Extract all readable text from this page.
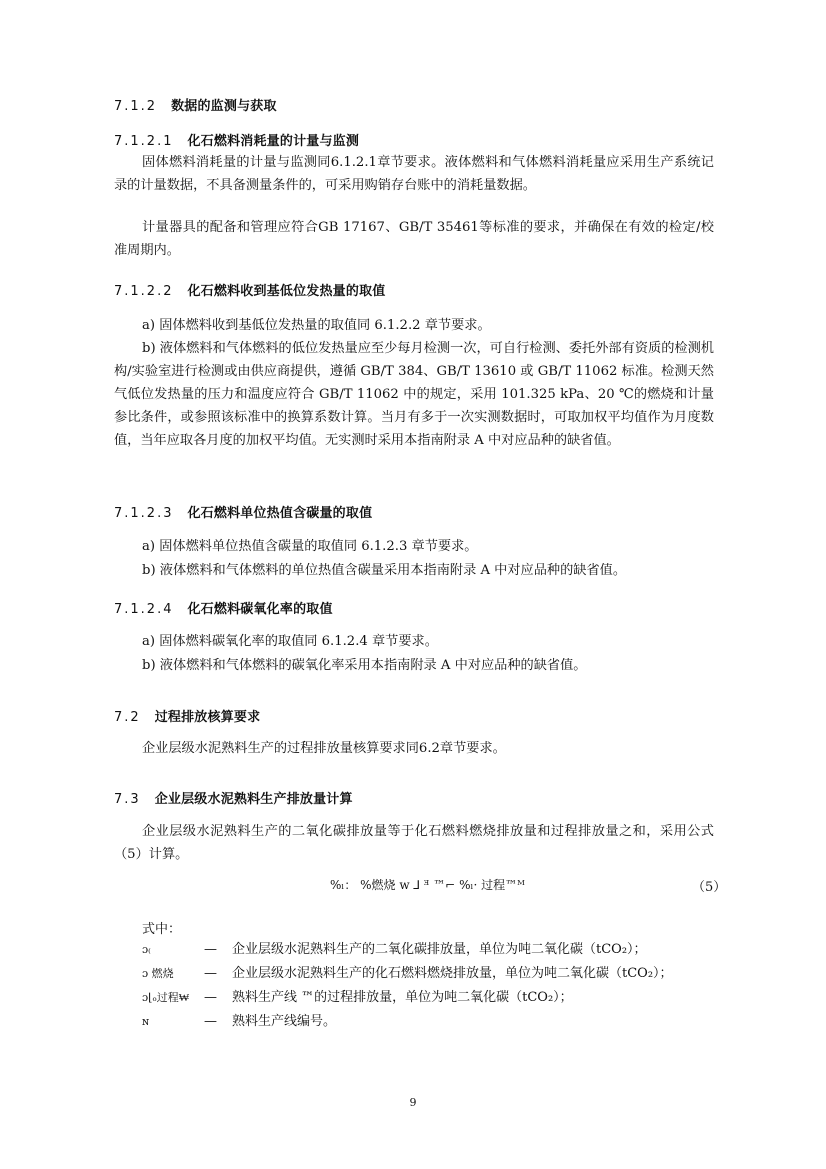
7.1.2 数据的监测与获取
7.1.2.1 化石燃料消耗量的计量与监测
固体燃料消耗量的计量与监测同6.1.2.1章节要求。液体燃料和气体燃料消耗量应采用生产系统记录的计量数据，不具备测量条件的，可采用购销存台账中的消耗量数据。
计量器具的配备和管理应符合GB 17167、GB/T 35461等标准的要求，并确保在有效的检定/校准周期内。
7.1.2.2 化石燃料收到基低位发热量的取值
a) 固体燃料收到基低位发热量的取值同 6.1.2.2 章节要求。
b) 液体燃料和气体燃料的低位发热量应至少每月检测一次，可自行检测、委托外部有资质的检测机构/实验室进行检测或由供应商提供，遵循 GB/T 384、GB/T 13610 或 GB/T 11062 标准。检测天然气低位发热量的压力和温度应符合 GB/T 11062 中的规定，采用 101.325 kPa、20 ℃的燃烧和计量参比条件，或参照该标准中的换算系数计算。当月有多于一次实测数据时，可取加权平均值作为月度数值，当年应取各月度的加权平均值。无实测时采用本指南附录 A 中对应品种的缺省值。
7.1.2.3 化石燃料单位热值含碳量的取值
a) 固体燃料单位热值含碳量的取值同 6.1.2.3 章节要求。
b) 液体燃料和气体燃料的单位热值含碳量采用本指南附录 A 中对应品种的缺省值。
7.1.2.4 化石燃料碳氧化率的取值
a) 固体燃料碳氧化率的取值同 6.1.2.4 章节要求。
b) 液体燃料和气体燃料的碳氧化率采用本指南附录 A 中对应品种的缺省值。
7.2 过程排放核算要求
企业层级水泥熟料生产的过程排放量核算要求同6.2章节要求。
7.3 企业层级水泥熟料生产排放量计算
企业层级水泥熟料生产的二氧化碳排放量等于化石燃料燃烧排放量和过程排放量之和，采用公式（5）计算。
%ₗ： %燃烧 ᴡ ⅃ ᴲ ™⌐ %ₗ· 过程™ᴹ	（5）
式中：
ɔ₍	— 企业层级水泥熟料生产的二氧化碳排放量，单位为吨二氧化碳（tCO₂）；
ɔ 燃烧	— 企业层级水泥熟料生产的化石燃料燃烧排放量，单位为吨二氧化碳（tCO₂）；
ɔ⌊ₒ过程₩	— 熟料生产线 ™的过程排放量，单位为吨二氧化碳（tCO₂）；
ɴ	— 熟料生产线编号。
9
